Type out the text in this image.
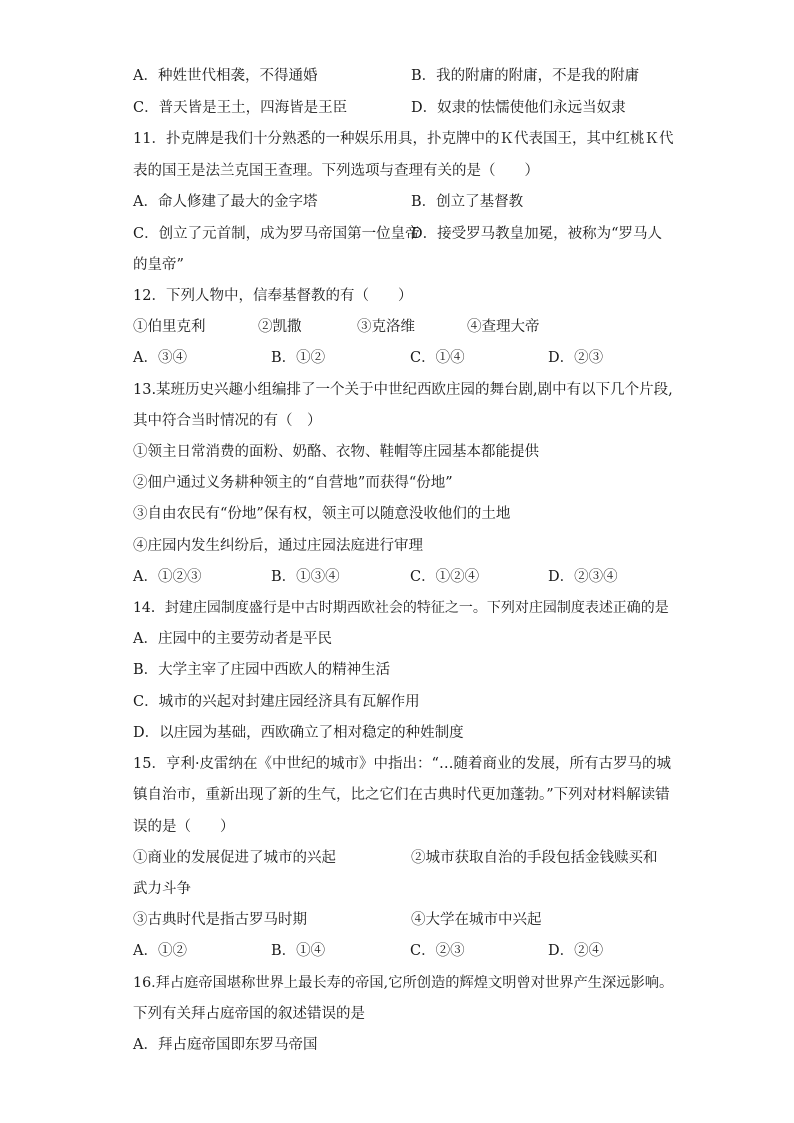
A．种姓世代相袭，不得通婚	B．我的附庸的附庸，不是我的附庸
C．普天皆是王土，四海皆是王臣	D．奴隶的怯懦使他们永远当奴隶
11．扑克牌是我们十分熟悉的一种娱乐用具，扑克牌中的Ｋ代表国王，其中红桃Ｋ代
表的国王是法兰克国王查理。下列选项与查理有关的是（　　）
A．命人修建了最大的金字塔	B．创立了基督教
C．创立了元首制，成为罗马帝国第一位皇帝
D．接受罗马教皇加冕，被称为“罗马人
的皇帝”
12．下列人物中，信奉基督教的有（　　）
①伯里克利	②凯撒	③克洛维	④查理大帝
A．③④	B．①②	C．①④	D．②③
13.某班历史兴趣小组编排了一个关于中世纪西欧庄园的舞台剧,剧中有以下几个片段,
其中符合当时情况的有（　）
①领主日常消费的面粉、奶酪、衣物、鞋帽等庄园基本都能提供
②佃户通过义务耕种领主的“自营地”而获得“份地”
③自由农民有“份地”保有权，领主可以随意没收他们的土地
④庄园内发生纠纷后，通过庄园法庭进行审理
A．①②③	B．①③④	C．①②④	D．②③④
14．封建庄园制度盛行是中古时期西欧社会的特征之一。下列对庄园制度表述正确的是
A．庄园中的主要劳动者是平民
B．大学主宰了庄园中西欧人的精神生活
C．城市的兴起对封建庄园经济具有瓦解作用
D．以庄园为基础，西欧确立了相对稳定的种姓制度
15．亨利·皮雷纳在《中世纪的城市》中指出：“…随着商业的发展，所有古罗马的城
镇自治市，重新出现了新的生气，比之它们在古典时代更加蓬勃。”下列对材料解读错
误的是（　　）
①商业的发展促进了城市的兴起	②城市获取自治的手段包括金钱赎买和
武力斗争
③古典时代是指古罗马时期	④大学在城市中兴起
A．①②	B．①④	C．②③	D．②④
16.拜占庭帝国堪称世界上最长寿的帝国,它所创造的辉煌文明曾对世界产生深远影响。
下列有关拜占庭帝国的叙述错误的是
A．拜占庭帝国即东罗马帝国
